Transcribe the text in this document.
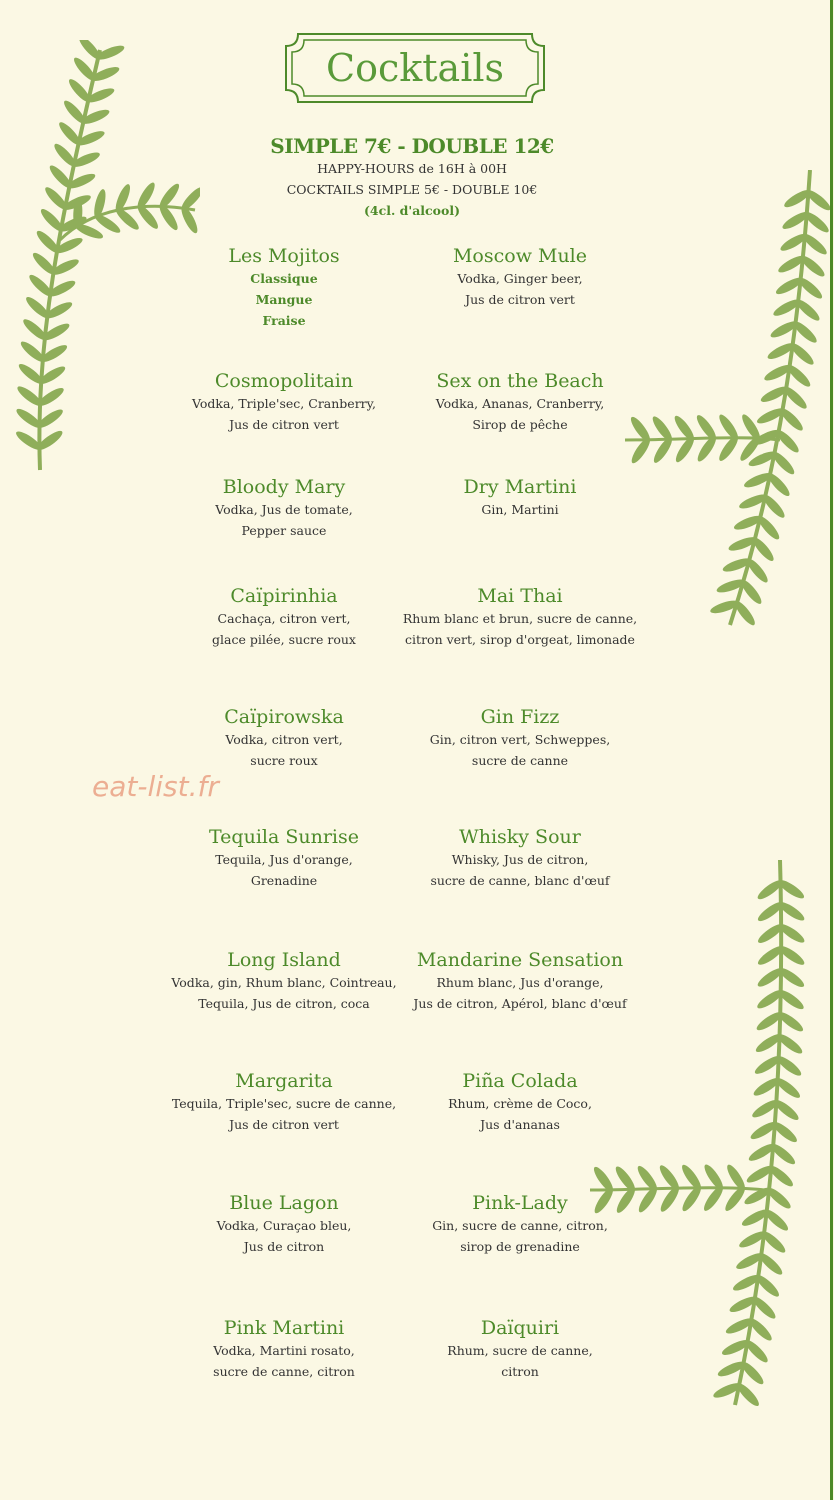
Cocktails
SIMPLE 7€ - DOUBLE 12€
HAPPY-HOURS de 16H à 00H
COCKTAILS SIMPLE 5€ - DOUBLE 10€
(4cl. d'alcool)
eat-list.fr
Les Mojitos
Classique
Mangue
Fraise
Cosmopolitain
Vodka, Triple'sec, Cranberry,
Jus de citron vert
Bloody Mary
Vodka, Jus de tomate,
Pepper sauce
Caïpirinhia
Cachaça, citron vert,
glace pilée, sucre roux
Caïpirowska
Vodka, citron vert,
sucre roux
Tequila Sunrise
Tequila, Jus d'orange,
Grenadine
Long Island
Vodka, gin, Rhum blanc, Cointreau,
Tequila, Jus de citron, coca
Margarita
Tequila, Triple'sec, sucre de canne,
Jus de citron vert
Blue Lagon
Vodka, Curaçao bleu,
Jus de citron
Pink Martini
Vodka, Martini rosato,
sucre de canne, citron
Moscow Mule
Vodka, Ginger beer,
Jus de citron vert
Sex on the Beach
Vodka, Ananas, Cranberry,
Sirop de pêche
Dry Martini
Gin, Martini
Mai Thai
Rhum blanc et brun, sucre de canne,
citron vert, sirop d'orgeat, limonade
Gin Fizz
Gin, citron vert, Schweppes,
sucre de canne
Whisky Sour
Whisky, Jus de citron,
sucre de canne, blanc d'œuf
Mandarine Sensation
Rhum blanc, Jus d'orange,
Jus de citron, Apérol, blanc d'œuf
Piña Colada
Rhum, crème de Coco,
Jus d'ananas
Pink-Lady
Gin, sucre de canne, citron,
sirop de grenadine
Daïquiri
Rhum, sucre de canne,
citron
